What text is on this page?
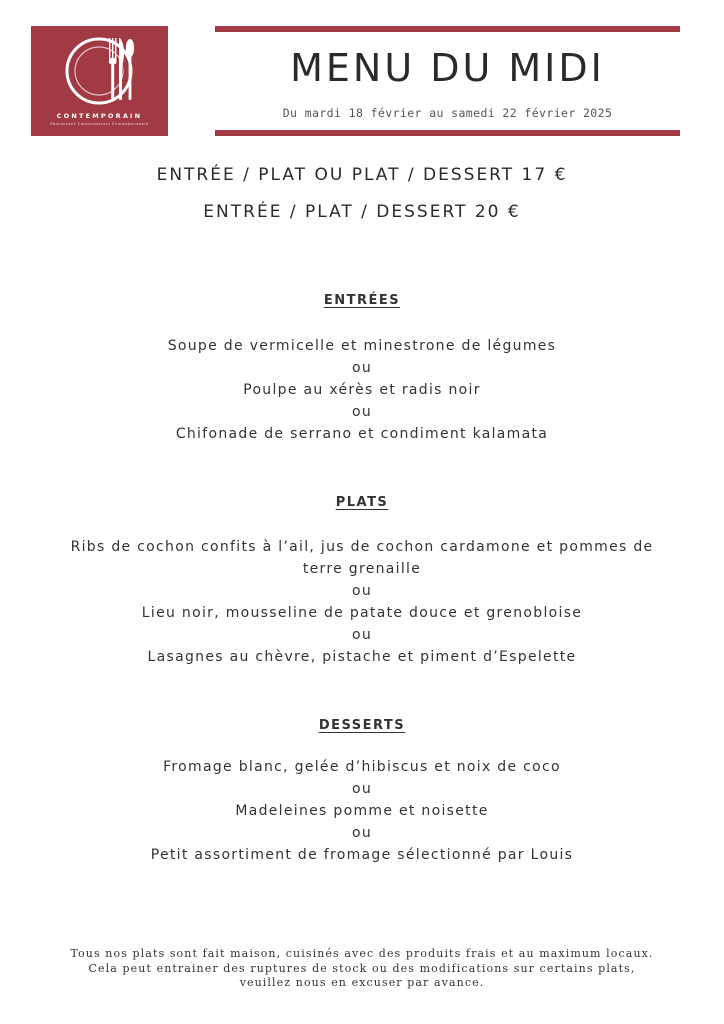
CONTEMPORAIN
Restaurant Contemporain Écoresponsable
MENU DU MIDI
Du mardi 18 février au samedi 22 février 2025
ENTRÉE / PLAT OU PLAT / DESSERT 17 €
ENTRÉE / PLAT / DESSERT 20 €
ENTRÉES
Soupe de vermicelle et minestrone de légumes
ou
Poulpe au xérès et radis noir
ou
Chifonade de serrano et condiment kalamata
PLATS
Ribs de cochon confits à l’ail, jus de cochon cardamone et pommes de
terre grenaille
ou
Lieu noir, mousseline de patate douce et grenobloise
ou
Lasagnes au chèvre, pistache et piment d’Espelette
DESSERTS
Fromage blanc, gelée d’hibiscus et noix de coco
ou
Madeleines pomme et noisette
ou
Petit assortiment de fromage sélectionné par Louis
Tous nos plats sont fait maison, cuisinés avec des produits frais et au maximum locaux.
Cela peut entrainer des ruptures de stock ou des modifications sur certains plats,
veuillez nous en excuser par avance.
